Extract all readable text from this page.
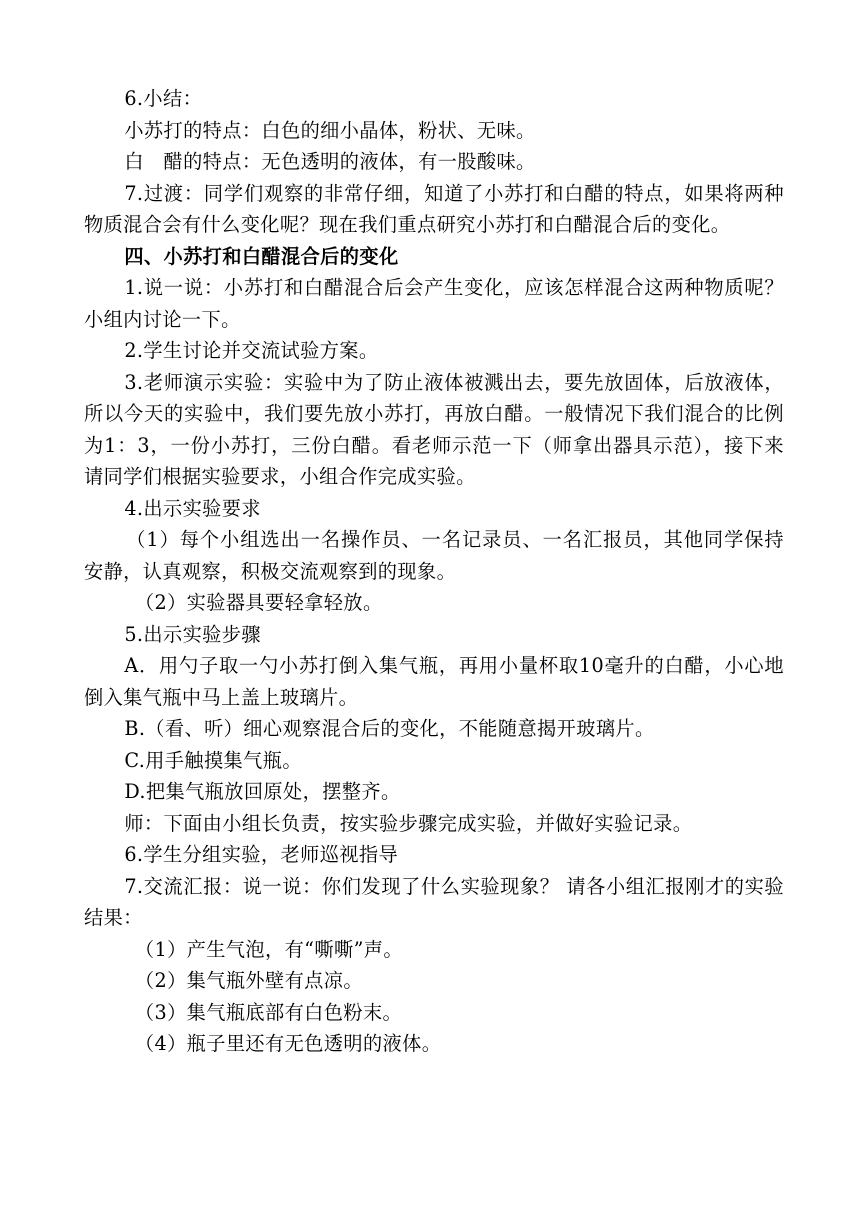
6.小结：

小苏打的特点：白色的细小晶体，粉状、无味。

白　醋的特点：无色透明的液体，有一股酸味。

7.过渡：同学们观察的非常仔细，知道了小苏打和白醋的特点，如果将两种物质混合会有什么变化呢？现在我们重点研究小苏打和白醋混合后的变化。

四、小苏打和白醋混合后的变化

1.说一说：小苏打和白醋混合后会产生变化，应该怎样混合这两种物质呢？小组内讨论一下。

2.学生讨论并交流试验方案。

3.老师演示实验：实验中为了防止液体被溅出去，要先放固体，后放液体，所以今天的实验中，我们要先放小苏打，再放白醋。一般情况下我们混合的比例为1：3，一份小苏打，三份白醋。看老师示范一下（师拿出器具示范），接下来请同学们根据实验要求，小组合作完成实验。

4.出示实验要求

（1）每个小组选出一名操作员、一名记录员、一名汇报员，其他同学保持安静，认真观察，积极交流观察到的现象。

（2）实验器具要轻拿轻放。

5.出示实验步骤

A．用勺子取一勺小苏打倒入集气瓶，再用小量杯取10毫升的白醋，小心地倒入集气瓶中马上盖上玻璃片。

B.（看、听）细心观察混合后的变化，不能随意揭开玻璃片。

C.用手触摸集气瓶。

D.把集气瓶放回原处，摆整齐。

师：下面由小组长负责，按实验步骤完成实验，并做好实验记录。

6.学生分组实验，老师巡视指导

7.交流汇报：说一说：你们发现了什么实验现象？ 请各小组汇报刚才的实验结果：

（1）产生气泡，有“嘶嘶”声。

（2）集气瓶外壁有点凉。

（3）集气瓶底部有白色粉末。

（4）瓶子里还有无色透明的液体。
